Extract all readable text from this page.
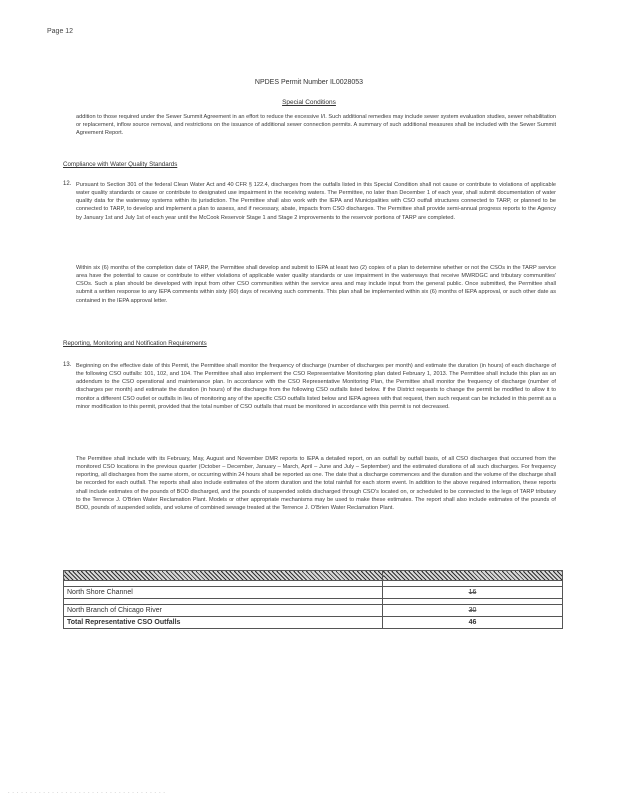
Page 12
NPDES Permit Number IL0028053
Special Conditions
addition to those required under the Sewer Summit Agreement in an effort to reduce the excessive I/I. Such additional remedies may include sewer system evaluation studies, sewer rehabilitation or replacement, inflow source removal, and restrictions on the issuance of additional sewer connection permits. A summary of such additional measures shall be included with the Sewer Summit Agreement Report.
Compliance with Water Quality Standards
12. Pursuant to Section 301 of the federal Clean Water Act and 40 CFR § 122.4, discharges from the outfalls listed in this Special Condition shall not cause or contribute to violations of applicable water quality standards or cause or contribute to designated use impairment in the receiving waters. The Permittee, no later than December 1 of each year, shall submit documentation of water quality data for the waterway systems within its jurisdiction. The Permittee shall also work with the IEPA and Municipalities with CSO outfall structures connected to TARP, or planned to be connected to TARP, to develop and implement a plan to assess, and if necessary, abate, impacts from CSO discharges. The Permittee shall provide semi-annual progress reports to the Agency by January 1st and July 1st of each year until the McCook Reservoir Stage 1 and Stage 2 improvements to the reservoir portions of TARP are completed.
Within six (6) months of the completion date of TARP, the Permittee shall develop and submit to IEPA at least two (2) copies of a plan to determine whether or not the CSOs in the TARP service area have the potential to cause or contribute to either violations of applicable water quality standards or use impairment in the waterways that receive MWRDGC and tributary communities' CSOs. Such a plan should be developed with input from other CSO communities within the service area and may include input from the general public. Once submitted, the Permittee shall submit a written response to any IEPA comments within sixty (60) days of receiving such comments. This plan shall be implemented within six (6) months of IEPA approval, or such other date as contained in the IEPA approval letter.
Reporting, Monitoring and Notification Requirements
13. Beginning on the effective date of this Permit, the Permittee shall monitor the frequency of discharge (number of discharges per month) and estimate the duration (in hours) of each discharge of the following CSO outfalls: 101, 102, and 104. The Permittee shall also implement the CSO Representative Monitoring plan dated February 1, 2013. The Permittee shall include this plan as an addendum to the CSO operational and maintenance plan. In accordance with the CSO Representative Monitoring Plan, the Permittee shall monitor the frequency of discharge (number of discharges per month) and estimate the duration (in hours) of the discharge from the following CSO outfalls listed below. If the District requests to change the permit be modified to allow it to monitor a different CSO outlet or outfalls in lieu of monitoring any of the specific CSO outfalls listed below and IEPA agrees with that request, then such request can be included in this permit as a minor modification to this permit, provided that the total number of CSO outfalls that must be monitored in accordance with this permit is not decreased.
The Permittee shall include with its February, May, August and November DMR reports to IEPA a detailed report, on an outfall by outfall basis, of all CSO discharges that occurred from the monitored CSO locations in the previous quarter (October – December, January – March, April – June and July – September) and the estimated durations of all such discharges. For frequency reporting, all discharges from the same storm, or occurring within 24 hours shall be reported as one. The date that a discharge commences and the duration and the volume of the discharge shall be recorded for each outfall. The reports shall also include estimates of the storm duration and the total rainfall for each storm event. In addition to the above required information, these reports shall include estimates of the pounds of BOD discharged, and the pounds of suspended solids discharged through CSO's located on, or scheduled to be connected to the legs of TARP tributary to the Terrence J. O'Brien Water Reclamation Plant. Models or other appropriate mechanisms may be used to make these estimates. The report shall also include estimates of the pounds of BOD, pounds of suspended solids, and volume of combined sewage treated at the Terrence J. O'Brien Water Reclamation Plant.

North Shore Channel	16

North Branch of Chicago River	30
Total Representative CSO Outfalls	46
- - - - - - - - - - - - - - - - - - - - - - - - - - - - - - - - - - - -
